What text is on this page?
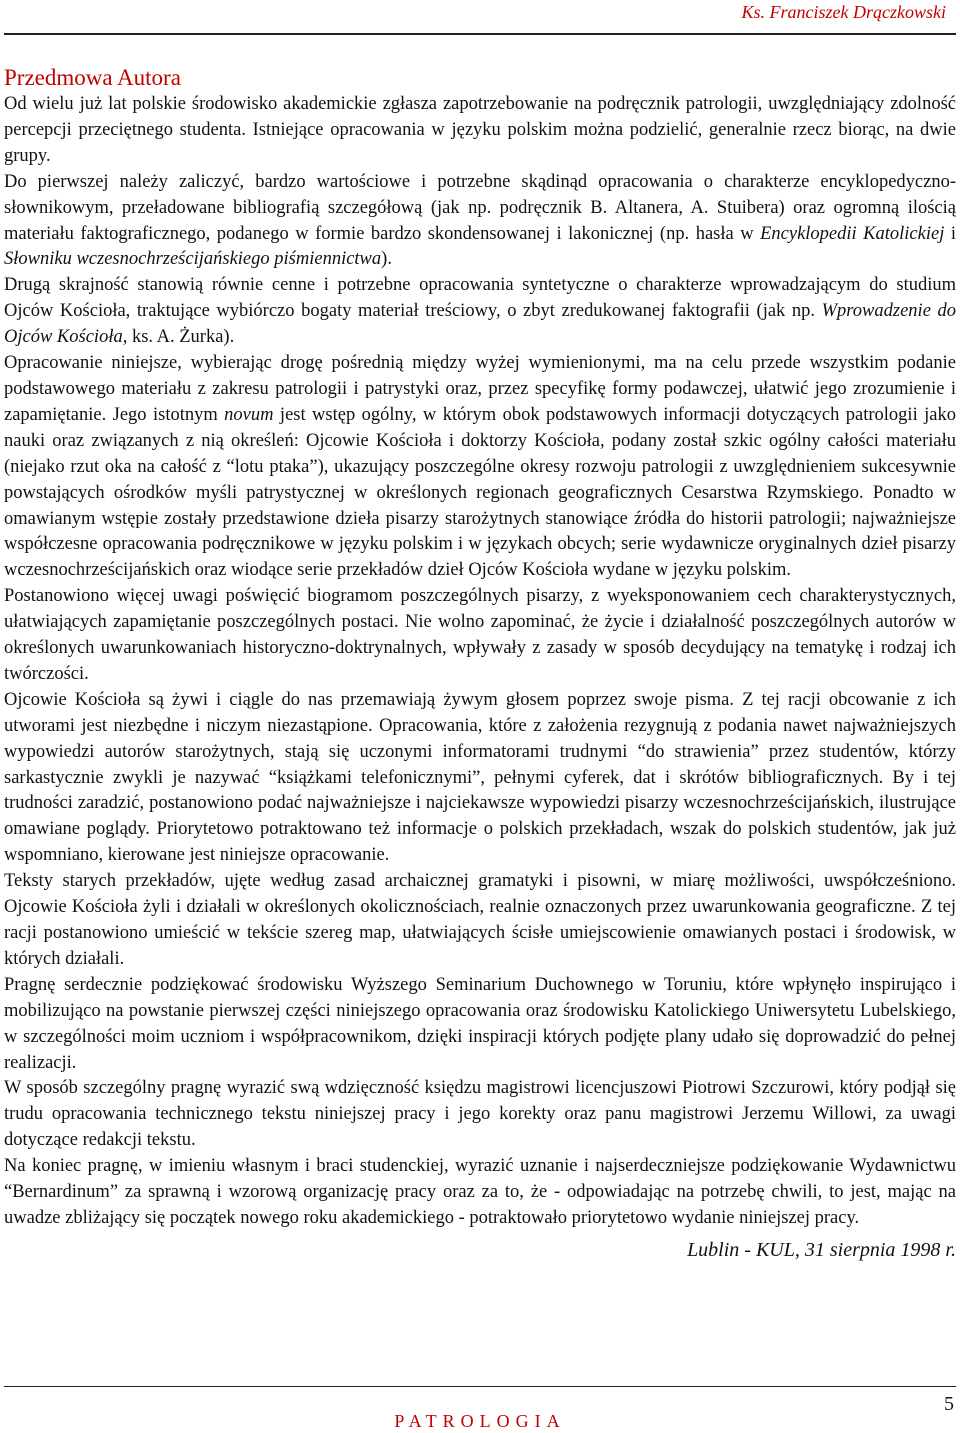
Ks. Franciszek Drączkowski
Przedmowa Autora

Od wielu już lat polskie środowisko akademickie zgłasza zapotrzebowanie na podręcznik patrologii, uwzględniający zdolność percepcji przeciętnego studenta. Istniejące opracowania w języku polskim można podzielić, generalnie rzecz biorąc, na dwie grupy.

Do pierwszej należy zaliczyć, bardzo wartościowe i potrzebne skądinąd opracowania o charakterze encyklopedyczno-słownikowym, przeładowane bibliografią szczegółową (jak np. podręcznik B. Altanera, A. Stuibera) oraz ogromną ilością materiału faktograficznego, podanego w formie bardzo skondensowanej i lakonicznej (np. hasła w Encyklopedii Katolickiej i Słowniku wczesnochrześcijańskiego piśmiennictwa).

Drugą skrajność stanowią równie cenne i potrzebne opracowania syntetyczne o charakterze wprowadzającym do studium Ojców Kościoła, traktujące wybiórczo bogaty materiał treściowy, o zbyt zredukowanej faktografii (jak np. Wprowadzenie do Ojców Kościoła, ks. A. Żurka).

Opracowanie niniejsze, wybierając drogę pośrednią między wyżej wymienionymi, ma na celu przede wszystkim podanie podstawowego materiału z zakresu patrologii i patrystyki oraz, przez specyfikę formy podawczej, ułatwić jego zrozumienie i zapamiętanie. Jego istotnym novum jest wstęp ogólny, w którym obok podstawowych informacji dotyczących patrologii jako nauki oraz związanych z nią określeń: Ojcowie Kościoła i doktorzy Kościoła, podany został szkic ogólny całości materiału (niejako rzut oka na całość z “lotu ptaka”), ukazujący poszczególne okresy rozwoju patrologii z uwzględnieniem sukcesywnie powstających ośrodków myśli patrystycznej w określonych regionach geograficznych Cesarstwa Rzymskiego. Ponadto w omawianym wstępie zostały przedstawione dzieła pisarzy starożytnych stanowiące źródła do historii patrologii; najważniejsze współczesne opracowania podręcznikowe w języku polskim i w językach obcych; serie wydawnicze oryginalnych dzieł pisarzy wczesnochrześcijańskich oraz wiodące serie przekładów dzieł Ojców Kościoła wydane w języku polskim.

Postanowiono więcej uwagi poświęcić biogramom poszczególnych pisarzy, z wyeksponowaniem cech charakterystycznych, ułatwiających zapamiętanie poszczególnych postaci. Nie wolno zapominać, że życie i działalność poszczególnych autorów w określonych uwarunkowaniach historyczno-doktrynalnych, wpływały z zasady w sposób decydujący na tematykę i rodzaj ich twórczości.

Ojcowie Kościoła są żywi i ciągle do nas przemawiają żywym głosem poprzez swoje pisma. Z tej racji obcowanie z ich utworami jest niezbędne i niczym niezastąpione. Opracowania, które z założenia rezygnują z podania nawet najważniejszych wypowiedzi autorów starożytnych, stają się uczonymi informatorami trudnymi “do strawienia” przez studentów, którzy sarkastycznie zwykli je nazywać “książkami telefonicznymi”, pełnymi cyferek, dat i skrótów bibliograficznych. By i tej trudności zaradzić, postanowiono podać najważniejsze i najciekawsze wypowiedzi pisarzy wczesnochrześcijańskich, ilustrujące omawiane poglądy. Priorytetowo potraktowano też informacje o polskich przekładach, wszak do polskich studentów, jak już wspomniano, kierowane jest niniejsze opracowanie.

Teksty starych przekładów, ujęte według zasad archaicznej gramatyki i pisowni, w miarę możliwości, uwspółcześniono. Ojcowie Kościoła żyli i działali w określonych okolicznościach, realnie oznaczonych przez uwarunkowania geograficzne. Z tej racji postanowiono umieścić w tekście szereg map, ułatwiających ścisłe umiejscowienie omawianych postaci i środowisk, w których działali.

Pragnę serdecznie podziękować środowisku Wyższego Seminarium Duchownego w Toruniu, które wpłynęło inspirująco i mobilizująco na powstanie pierwszej części niniejszego opracowania oraz środowisku Katolickiego Uniwersytetu Lubelskiego, w szczególności moim uczniom i współpracownikom, dzięki inspiracji których podjęte plany udało się doprowadzić do pełnej realizacji.

W sposób szczególny pragnę wyrazić swą wdzięczność księdzu magistrowi licencjuszowi Piotrowi Szczurowi, który podjął się trudu opracowania technicznego tekstu niniejszej pracy i jego korekty oraz panu magistrowi Jerzemu Willowi, za uwagi dotyczące redakcji tekstu.

Na koniec pragnę, w imieniu własnym i braci studenckiej, wyrazić uznanie i najserdeczniejsze podziękowanie Wydawnictwu “Bernardinum” za sprawną i wzorową organizację pracy oraz za to, że - odpowiadając na potrzebę chwili, to jest, mając na uwadze zbliżający się początek nowego roku akademickiego - potraktowało priorytetowo wydanie niniejszej pracy.

Lublin - KUL, 31 sierpnia 1998 r.

5
PATROLOGIA
